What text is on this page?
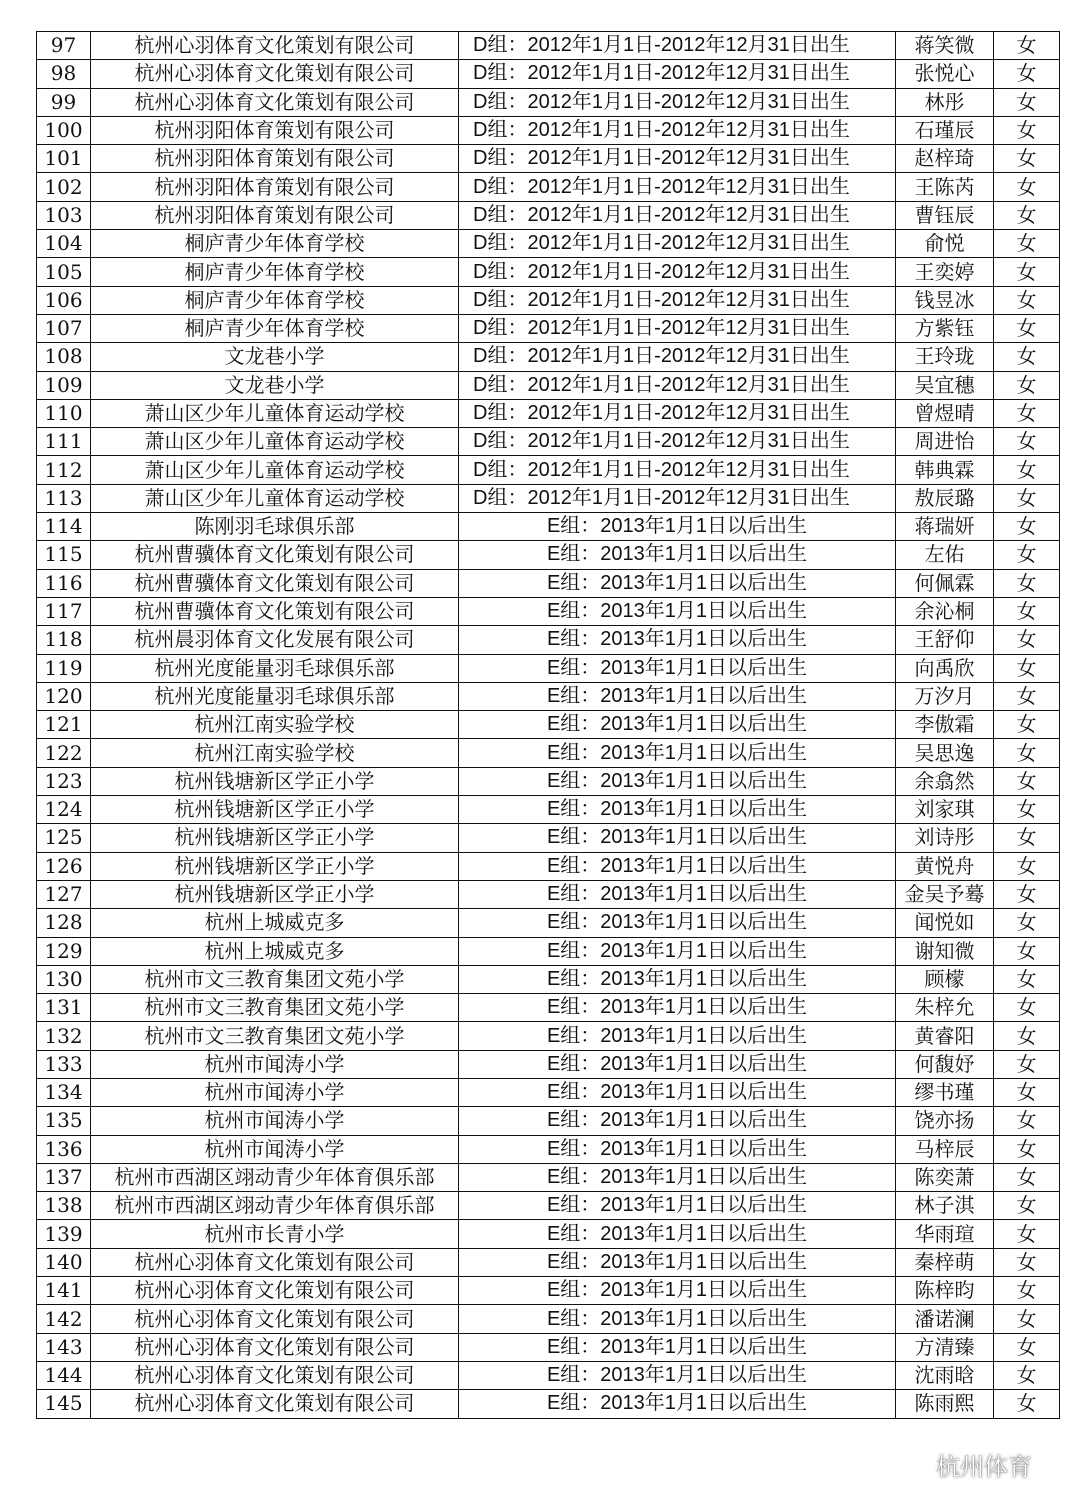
97	杭州心羽体育文化策划有限公司	D组：2012年1月1日-2012年12月31日出生	蒋笑微	女
98	杭州心羽体育文化策划有限公司	D组：2012年1月1日-2012年12月31日出生	张悦心	女
99	杭州心羽体育文化策划有限公司	D组：2012年1月1日-2012年12月31日出生	林彤	女
100	杭州羽阳体育策划有限公司	D组：2012年1月1日-2012年12月31日出生	石瑾辰	女
101	杭州羽阳体育策划有限公司	D组：2012年1月1日-2012年12月31日出生	赵梓琦	女
102	杭州羽阳体育策划有限公司	D组：2012年1月1日-2012年12月31日出生	王陈芮	女
103	杭州羽阳体育策划有限公司	D组：2012年1月1日-2012年12月31日出生	曹钰辰	女
104	桐庐青少年体育学校	D组：2012年1月1日-2012年12月31日出生	俞悦	女
105	桐庐青少年体育学校	D组：2012年1月1日-2012年12月31日出生	王奕婷	女
106	桐庐青少年体育学校	D组：2012年1月1日-2012年12月31日出生	钱昱冰	女
107	桐庐青少年体育学校	D组：2012年1月1日-2012年12月31日出生	方紫钰	女
108	文龙巷小学	D组：2012年1月1日-2012年12月31日出生	王玲珑	女
109	文龙巷小学	D组：2012年1月1日-2012年12月31日出生	吴宜穗	女
110	萧山区少年儿童体育运动学校	D组：2012年1月1日-2012年12月31日出生	曾煜晴	女
111	萧山区少年儿童体育运动学校	D组：2012年1月1日-2012年12月31日出生	周进怡	女
112	萧山区少年儿童体育运动学校	D组：2012年1月1日-2012年12月31日出生	韩典霖	女
113	萧山区少年儿童体育运动学校	D组：2012年1月1日-2012年12月31日出生	敖辰璐	女
114	陈刚羽毛球俱乐部	E组：2013年1月1日以后出生	蒋瑞妍	女
115	杭州曹骥体育文化策划有限公司	E组：2013年1月1日以后出生	左佑	女
116	杭州曹骥体育文化策划有限公司	E组：2013年1月1日以后出生	何佩霖	女
117	杭州曹骥体育文化策划有限公司	E组：2013年1月1日以后出生	余沁桐	女
118	杭州晨羽体育文化发展有限公司	E组：2013年1月1日以后出生	王舒仰	女
119	杭州光度能量羽毛球俱乐部	E组：2013年1月1日以后出生	向禹欣	女
120	杭州光度能量羽毛球俱乐部	E组：2013年1月1日以后出生	万汐月	女
121	杭州江南实验学校	E组：2013年1月1日以后出生	李傲霜	女
122	杭州江南实验学校	E组：2013年1月1日以后出生	吴思逸	女
123	杭州钱塘新区学正小学	E组：2013年1月1日以后出生	余翕然	女
124	杭州钱塘新区学正小学	E组：2013年1月1日以后出生	刘家琪	女
125	杭州钱塘新区学正小学	E组：2013年1月1日以后出生	刘诗彤	女
126	杭州钱塘新区学正小学	E组：2013年1月1日以后出生	黄悦舟	女
127	杭州钱塘新区学正小学	E组：2013年1月1日以后出生	金吴予蓦	女
128	杭州上城威克多	E组：2013年1月1日以后出生	闻悦如	女
129	杭州上城威克多	E组：2013年1月1日以后出生	谢知微	女
130	杭州市文三教育集团文苑小学	E组：2013年1月1日以后出生	顾檬	女
131	杭州市文三教育集团文苑小学	E组：2013年1月1日以后出生	朱梓允	女
132	杭州市文三教育集团文苑小学	E组：2013年1月1日以后出生	黄睿阳	女
133	杭州市闻涛小学	E组：2013年1月1日以后出生	何馥妤	女
134	杭州市闻涛小学	E组：2013年1月1日以后出生	缪书瑾	女
135	杭州市闻涛小学	E组：2013年1月1日以后出生	饶亦扬	女
136	杭州市闻涛小学	E组：2013年1月1日以后出生	马梓辰	女
137	杭州市西湖区翊动青少年体育俱乐部	E组：2013年1月1日以后出生	陈奕萧	女
138	杭州市西湖区翊动青少年体育俱乐部	E组：2013年1月1日以后出生	林子淇	女
139	杭州市长青小学	E组：2013年1月1日以后出生	华雨瑄	女
140	杭州心羽体育文化策划有限公司	E组：2013年1月1日以后出生	秦梓萌	女
141	杭州心羽体育文化策划有限公司	E组：2013年1月1日以后出生	陈梓昀	女
142	杭州心羽体育文化策划有限公司	E组：2013年1月1日以后出生	潘诺澜	女
143	杭州心羽体育文化策划有限公司	E组：2013年1月1日以后出生	方清臻	女
144	杭州心羽体育文化策划有限公司	E组：2013年1月1日以后出生	沈雨晗	女
145	杭州心羽体育文化策划有限公司	E组：2013年1月1日以后出生	陈雨熙	女
杭州体育
